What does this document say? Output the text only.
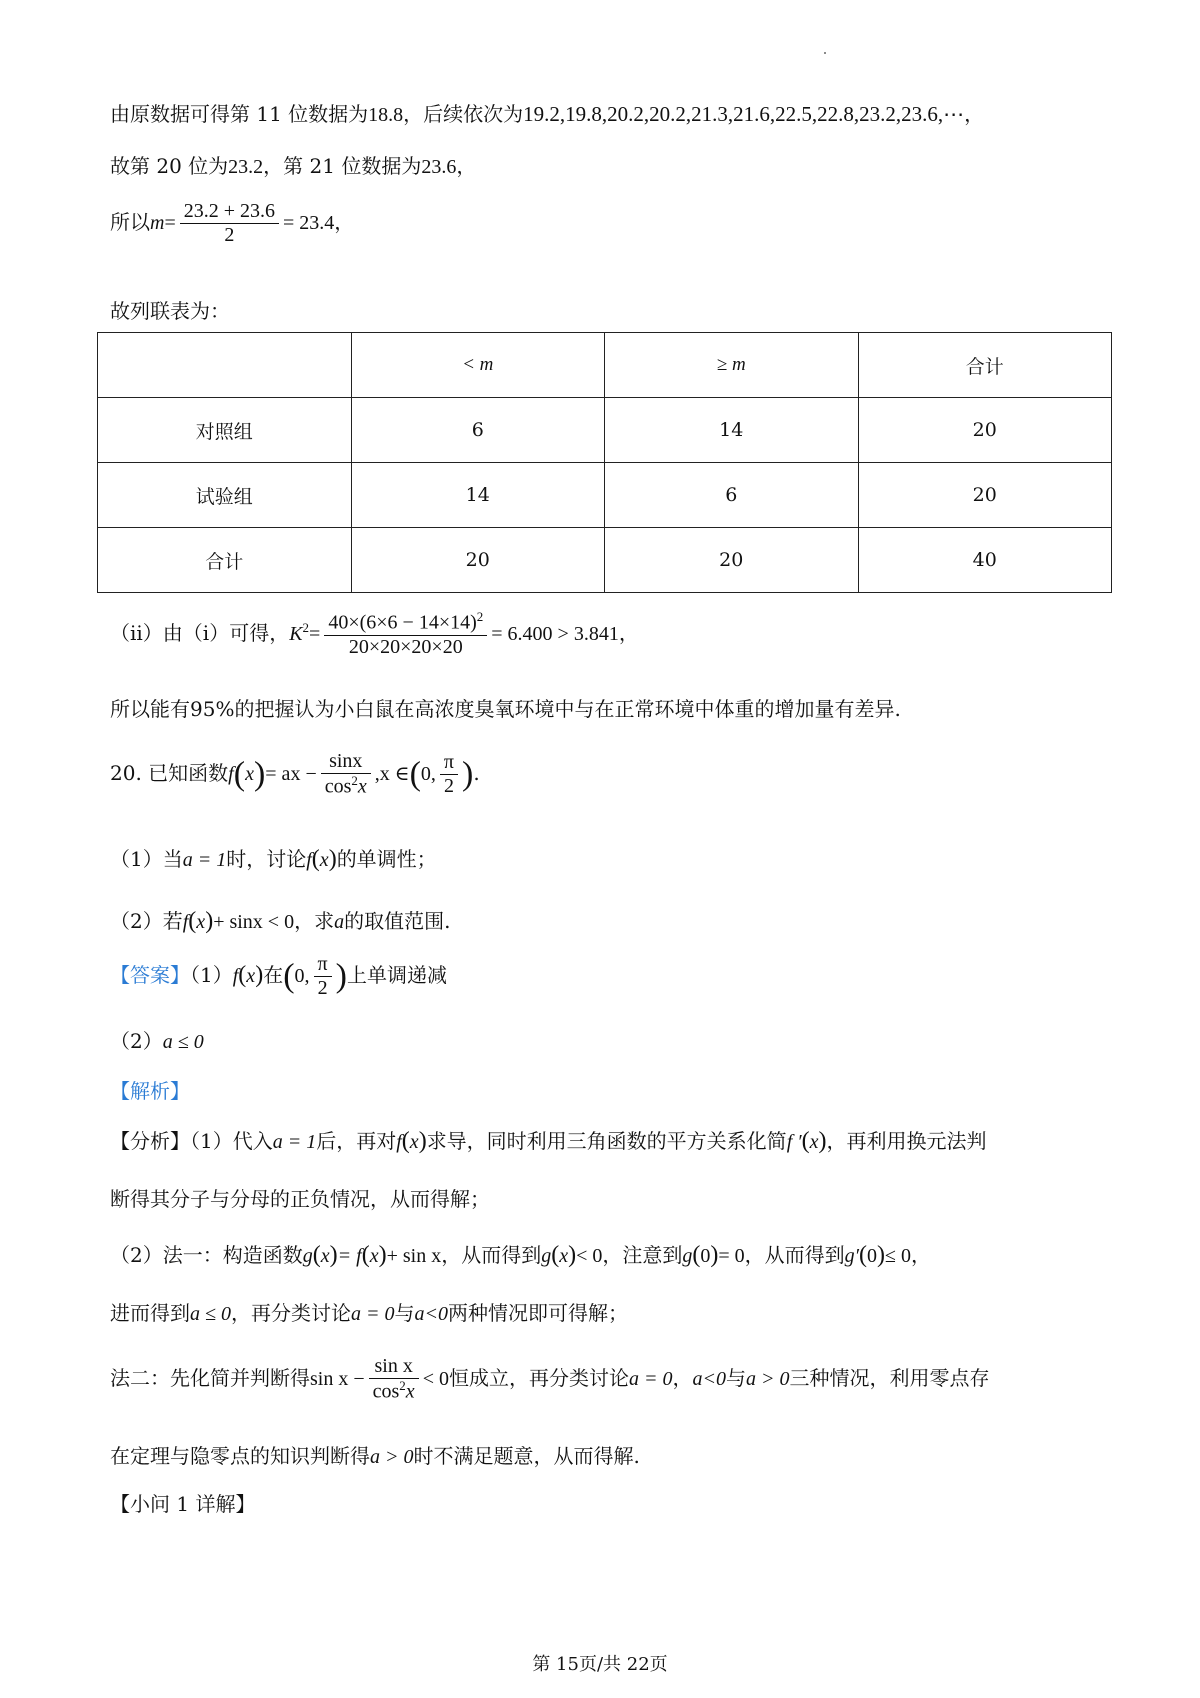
由原数据可得第 11 位数据为18.8，后续依次为19.2,19.8,20.2,20.2,21.3,21.6,22.5,22.8,23.2,23.6,⋯，
故第 20 位为23.2，第 21 位数据为23.6，
所以$m= \frac{23.2 + 23.6}{2} = 23.4$，
故列联表为：
	< m	≥ m	合计
对照组	6	14	20
试验组	14	6	20
合计	20	20	40
（ii）由（i）可得，$K^2= \frac{40\times(6\times 6 - 14\times 14)^2}{20\times 20\times 20\times 20} = 6.400 > 3.841$，
所以能有95%的把握认为小白鼠在高浓度臭氧环境中与在正常环境中体重的增加量有差异.
20. 已知函数f(x)= ax − $\frac{\sin x}{\cos^2x} ,x$ ∈(0, $\frac{\pi}{2}$ ).
（1）当a = 1时，讨论f(x)的单调性；
（2）若f(x)+ sinx < 0，求a的取值范围.
【答案】（1）f(x)在(0, $\frac{\pi}{2}$ )上单调递减
（2）a ≤ 0
【解析】
【分析】（1）代入a = 1后，再对f(x)求导，同时利用三角函数的平方关系化简f ′(x)，再利用换元法判
断得其分子与分母的正负情况，从而得解；
（2）法一：构造函数g(x)= f(x)+ sin x，从而得到g(x)< 0，注意到g(0)= 0，从而得到g′(0)≤ 0，
进而得到a ≤ 0，再分类讨论a = 0与a<0两种情况即可得解；
法二：先化简并判断得$\sin x - \frac{\text{sin x}}{\cos^2x} < 0$恒成立，再分类讨论a = 0，a<0与a > 0三种情况，利用零点存
在定理与隐零点的知识判断得a > 0时不满足题意，从而得解.
【小问 1 详解】
第 15页/共 22页
